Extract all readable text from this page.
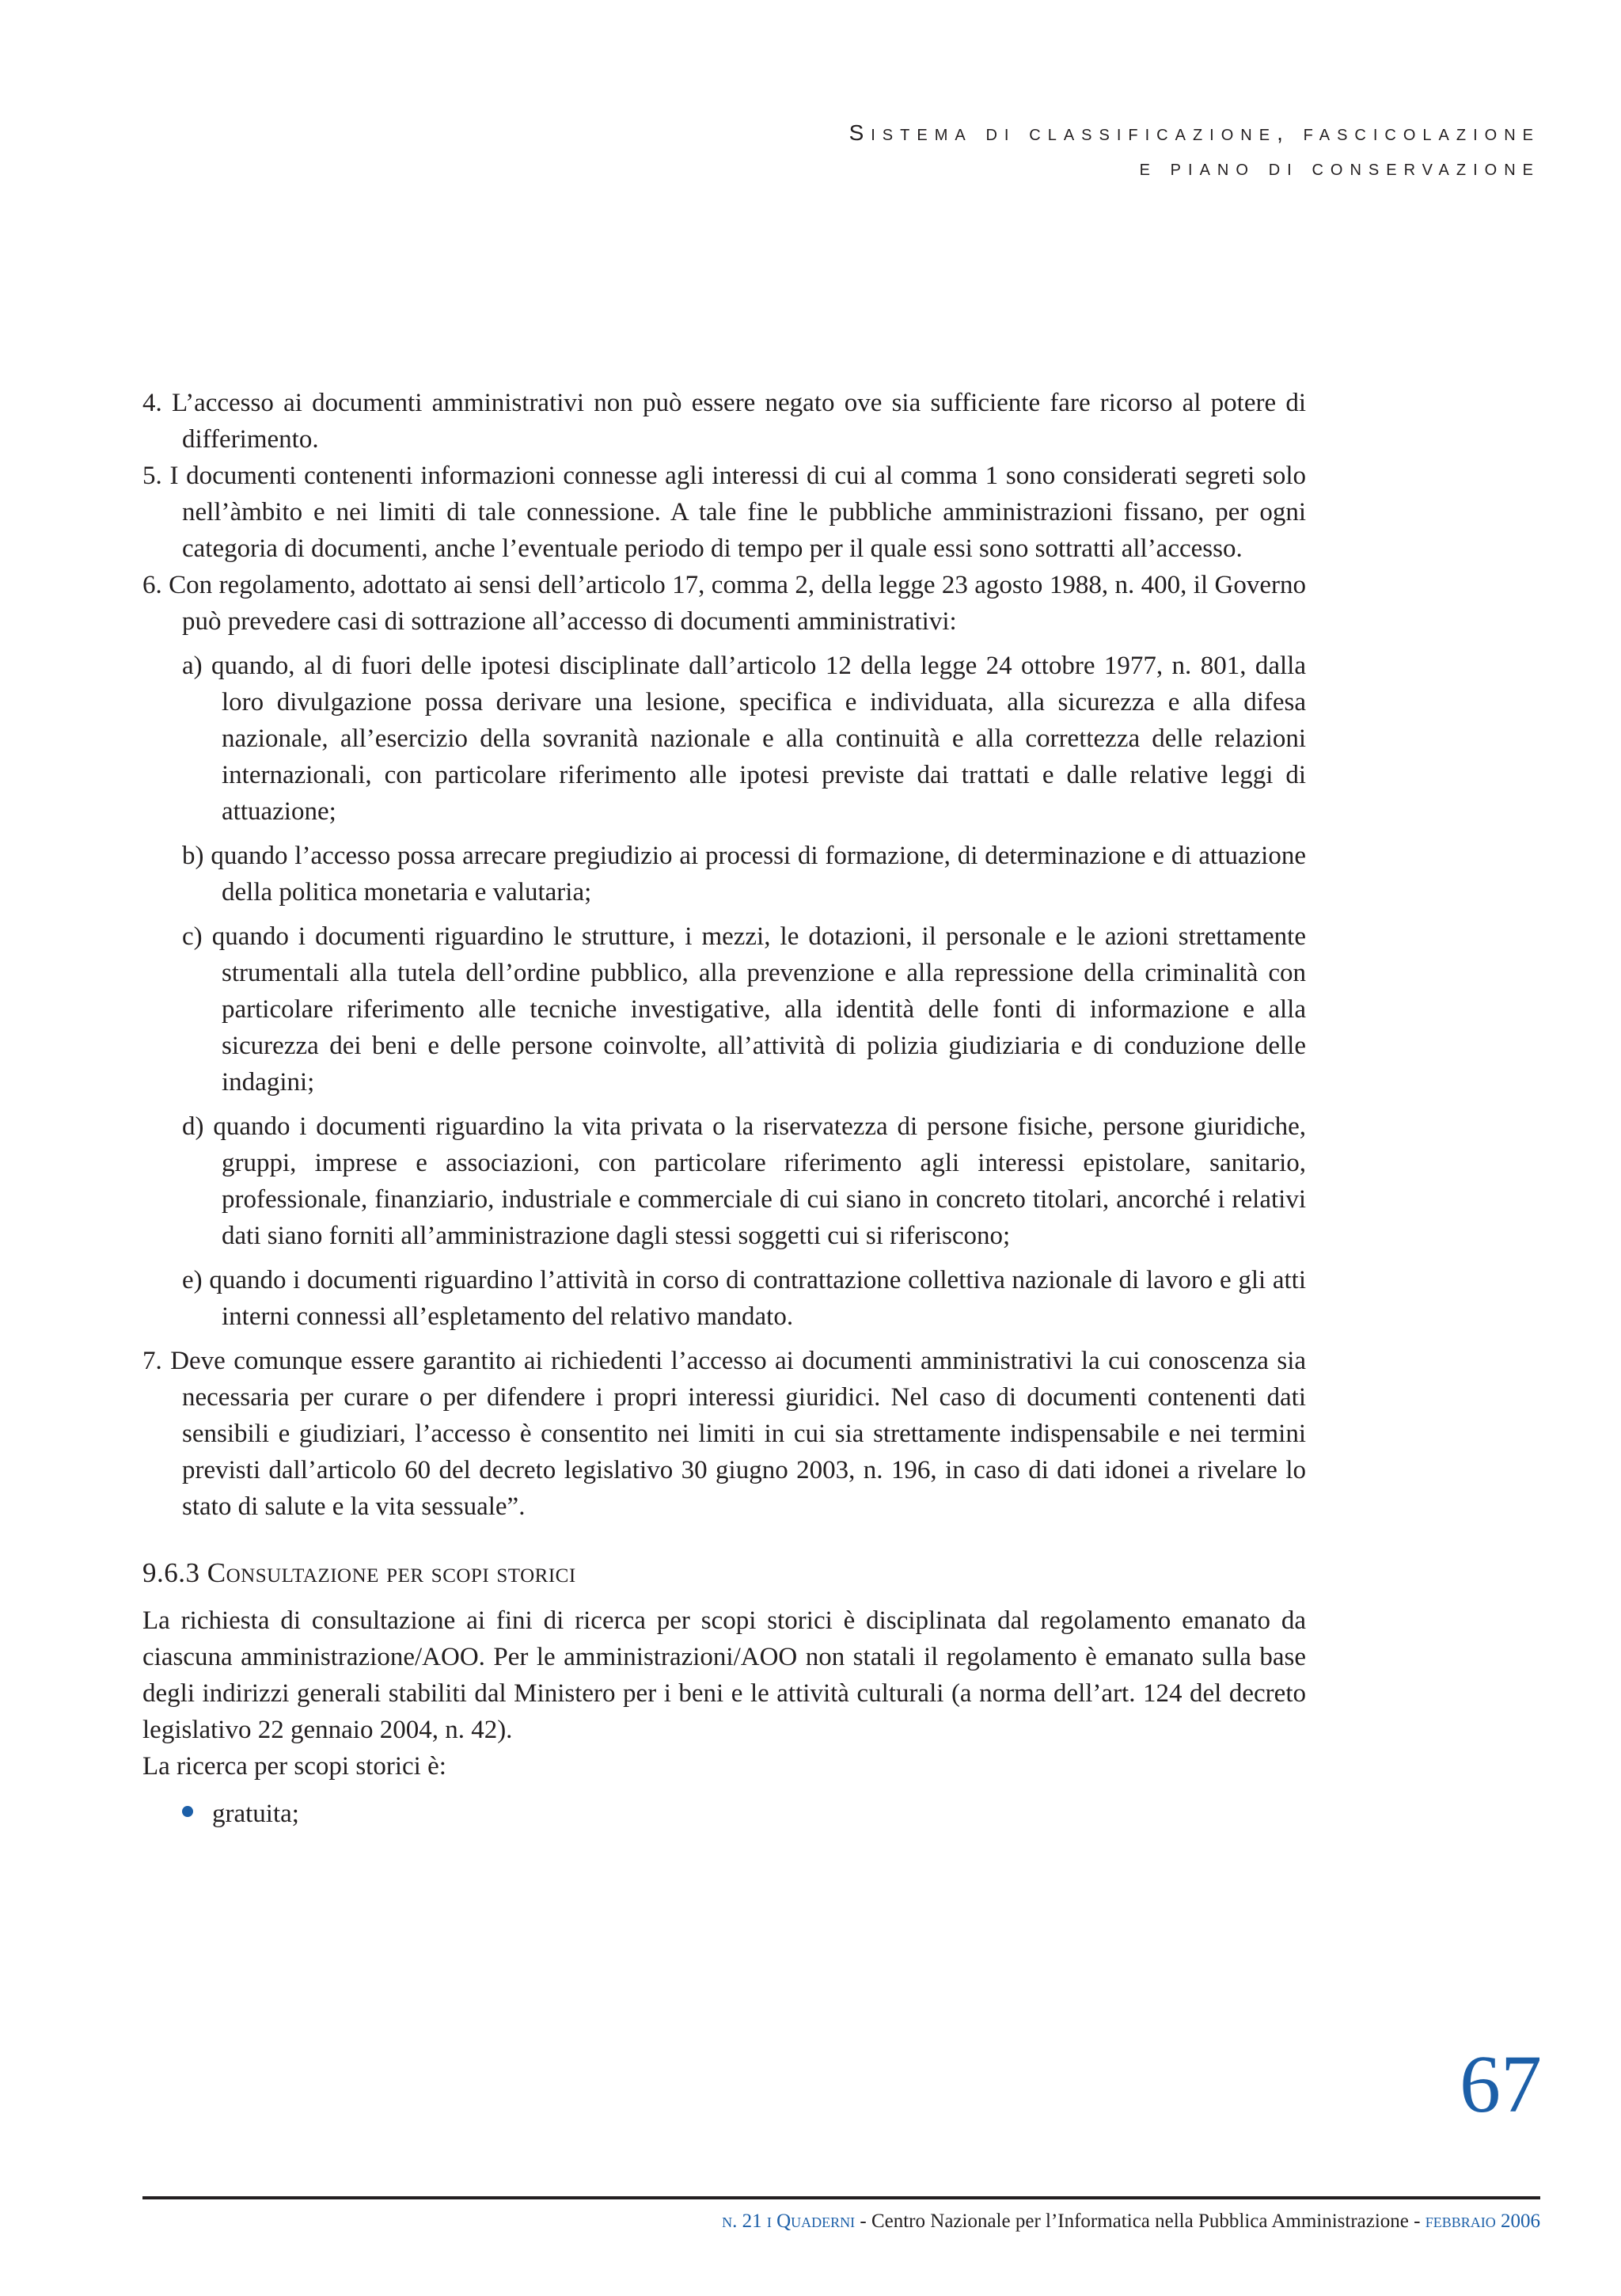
Sistema di classificazione, fascicolazione
e piano di conservazione
4. L’accesso ai documenti amministrativi non può essere negato ove sia sufficiente fare ricorso al potere di differimento.
5. I documenti contenenti informazioni connesse agli interessi di cui al comma 1 sono considerati segreti solo nell’àmbito e nei limiti di tale connessione. A tale fine le pubbliche amministrazioni fissano, per ogni categoria di documenti, anche l’eventuale periodo di tempo per il quale essi sono sottratti all’accesso.
6. Con regolamento, adottato ai sensi dell’articolo 17, comma 2, della legge 23 agosto 1988, n. 400, il Governo può prevedere casi di sottrazione all’accesso di documenti amministrativi:
a) quando, al di fuori delle ipotesi disciplinate dall’articolo 12 della legge 24 ottobre 1977, n. 801, dalla loro divulgazione possa derivare una lesione, specifica e individuata, alla sicurezza e alla difesa nazionale, all’esercizio della sovranità nazionale e alla continuità e alla correttezza delle relazioni internazionali, con particolare riferimento alle ipotesi previste dai trattati e dalle relative leggi di attuazione;
b) quando l’accesso possa arrecare pregiudizio ai processi di formazione, di determinazione e di attuazione della politica monetaria e valutaria;
c) quando i documenti riguardino le strutture, i mezzi, le dotazioni, il personale e le azioni strettamente strumentali alla tutela dell’ordine pubblico, alla prevenzione e alla repressione della criminalità con particolare riferimento alle tecniche investigative, alla identità delle fonti di informazione e alla sicurezza dei beni e delle persone coinvolte, all’attività di polizia giudiziaria e di conduzione delle indagini;
d) quando i documenti riguardino la vita privata o la riservatezza di persone fisiche, persone giuridiche, gruppi, imprese e associazioni, con particolare riferimento agli interessi epistolare, sanitario, professionale, finanziario, industriale e commerciale di cui siano in concreto titolari, ancorché i relativi dati siano forniti all’amministrazione dagli stessi soggetti cui si riferiscono;
e) quando i documenti riguardino l’attività in corso di contrattazione collettiva nazionale di lavoro e gli atti interni connessi all’espletamento del relativo mandato.
7. Deve comunque essere garantito ai richiedenti l’accesso ai documenti amministrativi la cui conoscenza sia necessaria per curare o per difendere i propri interessi giuridici. Nel caso di documenti contenenti dati sensibili e giudiziari, l’accesso è consentito nei limiti in cui sia strettamente indispensabile e nei termini previsti dall’articolo 60 del decreto legislativo 30 giugno 2003, n. 196, in caso di dati idonei a rivelare lo stato di salute e la vita sessuale”.
9.6.3 Consultazione per scopi storici
La richiesta di consultazione ai fini di ricerca per scopi storici è disciplinata dal regolamento emanato da ciascuna amministrazione/AOO. Per le amministrazioni/AOO non statali il regolamento è emanato sulla base degli indirizzi generali stabiliti dal Ministero per i beni e le attività culturali (a norma dell’art. 124 del decreto legislativo 22 gennaio 2004, n. 42).
La ricerca per scopi storici è:
gratuita;
67
n. 21 i Quaderni - Centro Nazionale per l’Informatica nella Pubblica Amministrazione - febbraio 2006
